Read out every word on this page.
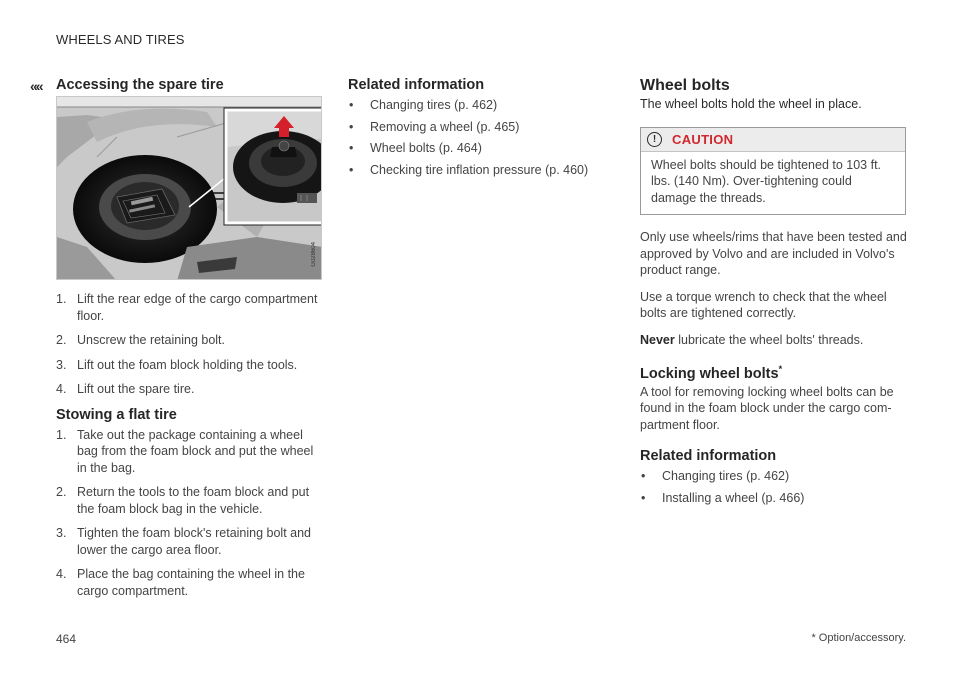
WHEELS AND TIRES
«« Accessing the spare tire
G028604
1. Lift the rear edge of the cargo compartment floor.
2. Unscrew the retaining bolt.
3. Lift out the foam block holding the tools.
4. Lift out the spare tire.
Stowing a flat tire
1. Take out the package containing a wheel bag from the foam block and put the wheel in the bag.
2. Return the tools to the foam block and put the foam block bag in the vehicle.
3. Tighten the foam block's retaining bolt and lower the cargo area floor.
4. Place the bag containing the wheel in the cargo compartment.
Related information
• Changing tires (p. 462)
• Removing a wheel (p. 465)
• Wheel bolts (p. 464)
• Checking tire inflation pressure (p. 460)
Wheel bolts
The wheel bolts hold the wheel in place.
!	CAUTION
Wheel bolts should be tightened to 103 ft. lbs. (140 Nm). Over-tightening could damage the threads.

Only use wheels/rims that have been tested and approved by Volvo and are included in Volvo's product range.

Use a torque wrench to check that the wheel bolts are tightened correctly.

Never lubricate the wheel bolts' threads.

Locking wheel bolts*

A tool for removing locking wheel bolts can be found in the foam block under the cargo com-partment floor.

Related information
• Changing tires (p. 462)
• Installing a wheel (p. 466)
464	* Option/accessory.
